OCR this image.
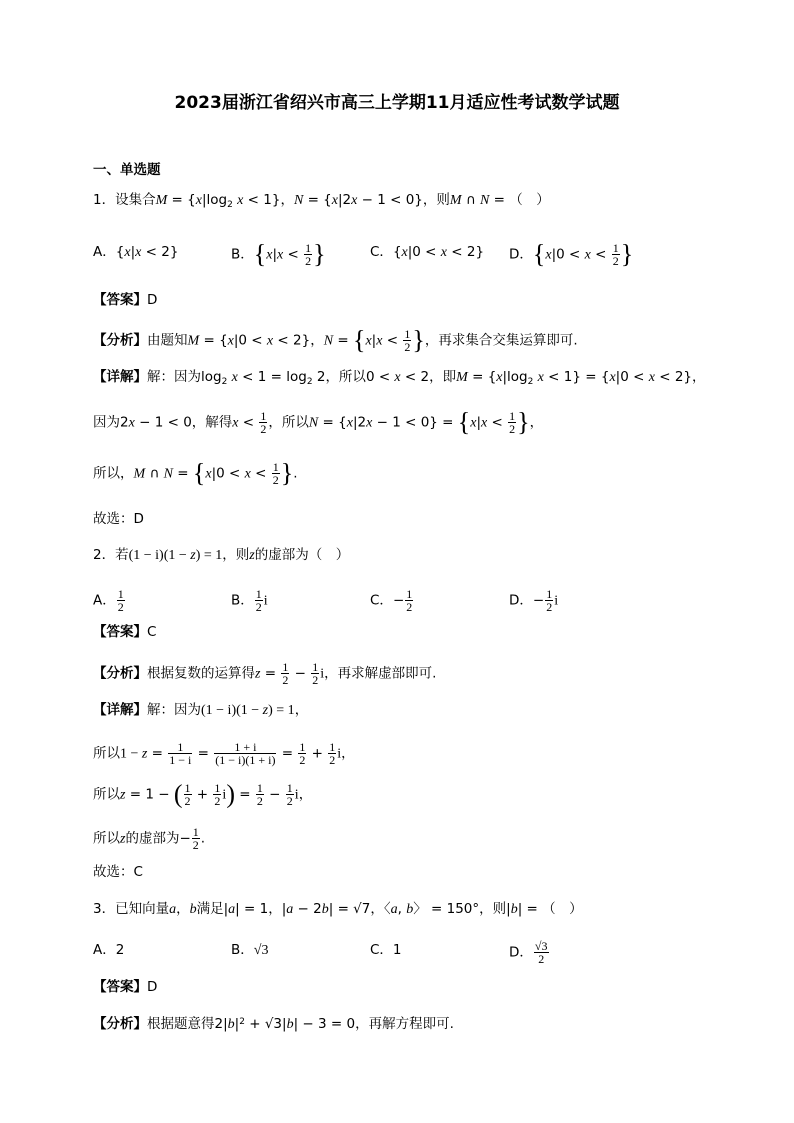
2023届浙江省绍兴市高三上学期11月适应性考试数学试题
一、单选题
1．设集合$M = \{x|\log_2$ x < 1}，N = {x|2x − 1 < 0}，则M ∩ N = （　）
A．{x|x < 2}	B．{$x|x < \frac{1}{2}$ }	C．{x|0 < x < 2} D．{$x|0 < x < \frac{1}{2}$ }
【答案】D
【分析】由题知M = {x|0 < x < 2}，$N = \{x|x < \frac{1}{2}$ }，再求集合交集运算即可.
【详解】解：因为$\log_2 x < 1 = \log_2 2$，所以0 < x < 2，即$M = \{x|\log_2$ x < 1} = {x|0 < x < 2}，
因为2x − 1 < 0，解得$x < \frac{1}{2}$ ，所以$N = \{x|2x - 1 < 0\} = \{x|x < \frac{1}{2}$ }，
所以，M ∩ $N = \{x|0 < x < \frac{1}{2}$ }.
故选：D
2．若(1 − i)(1 − z) = 1，则z的虚部为（　）
A． $\frac{1}{2}$	B． $\frac{1}{2}$ i	C．− $\frac{1}{2}$	D．− $\frac{1}{2}$ i
【答案】C
【分析】根据复数的运算得$z = \frac{1}{2} - \frac{1}{2}$ i，再求解虚部即可.
【详解】解：因为(1 − i)(1 − z) = 1，
所以$1 - z = \frac{1}{1 - i} = \frac{1 + i}{(1 - i)(1 + i)} = \frac{1}{2} + \frac{1}{2}$ i，
所以z = 1 − ( $\frac{1}{2} + \frac{1}{2} i) = \frac{1}{2} - \frac{1}{2}$ i，
所以z的虚部为− $\frac{1}{2}$ .
故选：C
3．已知向量a，b满足|a| = 1，|a − 2b| = √7，〈a, b〉 = 150°，则|b| = （　）
A．2	B．√3	C．1	D． $\frac{√3}{2}$
【答案】D
【分析】根据题意得$2|b|^2 + √3|b| - 3 = 0$，再解方程即可.
